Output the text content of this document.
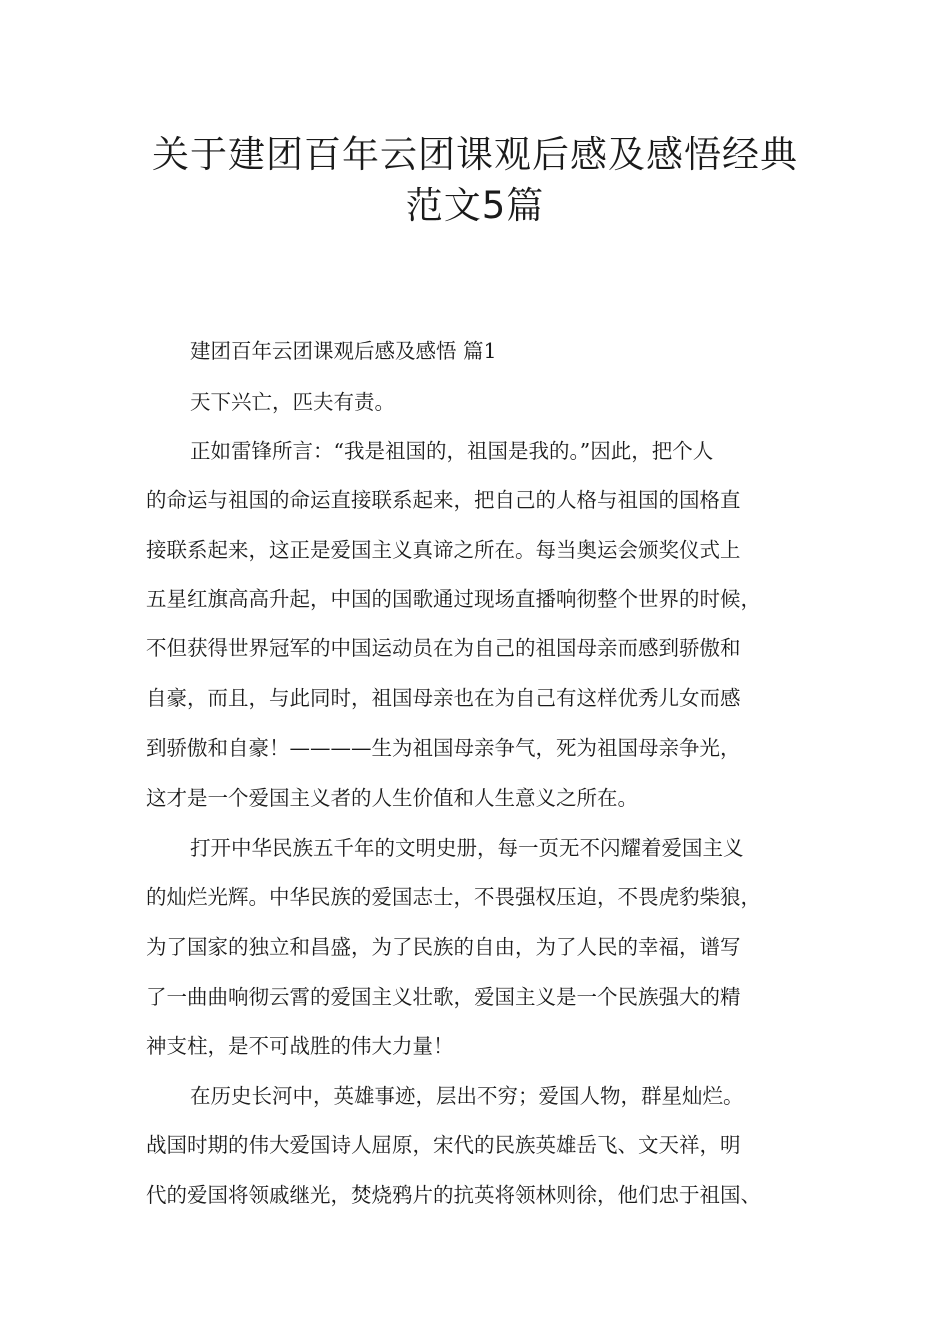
关于建团百年云团课观后感及感悟经典
范文5篇

建团百年云团课观后感及感悟 篇1

天下兴亡，匹夫有责。

正如雷锋所言：“我是祖国的，祖国是我的。”因此，把个人

的命运与祖国的命运直接联系起来，把自己的人格与祖国的国格直

接联系起来，这正是爱国主义真谛之所在。每当奥运会颁奖仪式上

五星红旗高高升起，中国的国歌通过现场直播响彻整个世界的时候，

不但获得世界冠军的中国运动员在为自己的祖国母亲而感到骄傲和

自豪，而且，与此同时，祖国母亲也在为自己有这样优秀儿女而感

到骄傲和自豪！————生为祖国母亲争气，死为祖国母亲争光，

这才是一个爱国主义者的人生价值和人生意义之所在。

打开中华民族五千年的文明史册，每一页无不闪耀着爱国主义

的灿烂光辉。中华民族的爱国志士，不畏强权压迫，不畏虎豹柴狼，

为了国家的独立和昌盛，为了民族的自由，为了人民的幸福，谱写

了一曲曲响彻云霄的爱国主义壮歌，爱国主义是一个民族强大的精

神支柱，是不可战胜的伟大力量！

在历史长河中，英雄事迹，层出不穷；爱国人物，群星灿烂。

战国时期的伟大爱国诗人屈原，宋代的民族英雄岳飞、文天祥，明

代的爱国将领戚继光，焚烧鸦片的抗英将领林则徐，他们忠于祖国、
